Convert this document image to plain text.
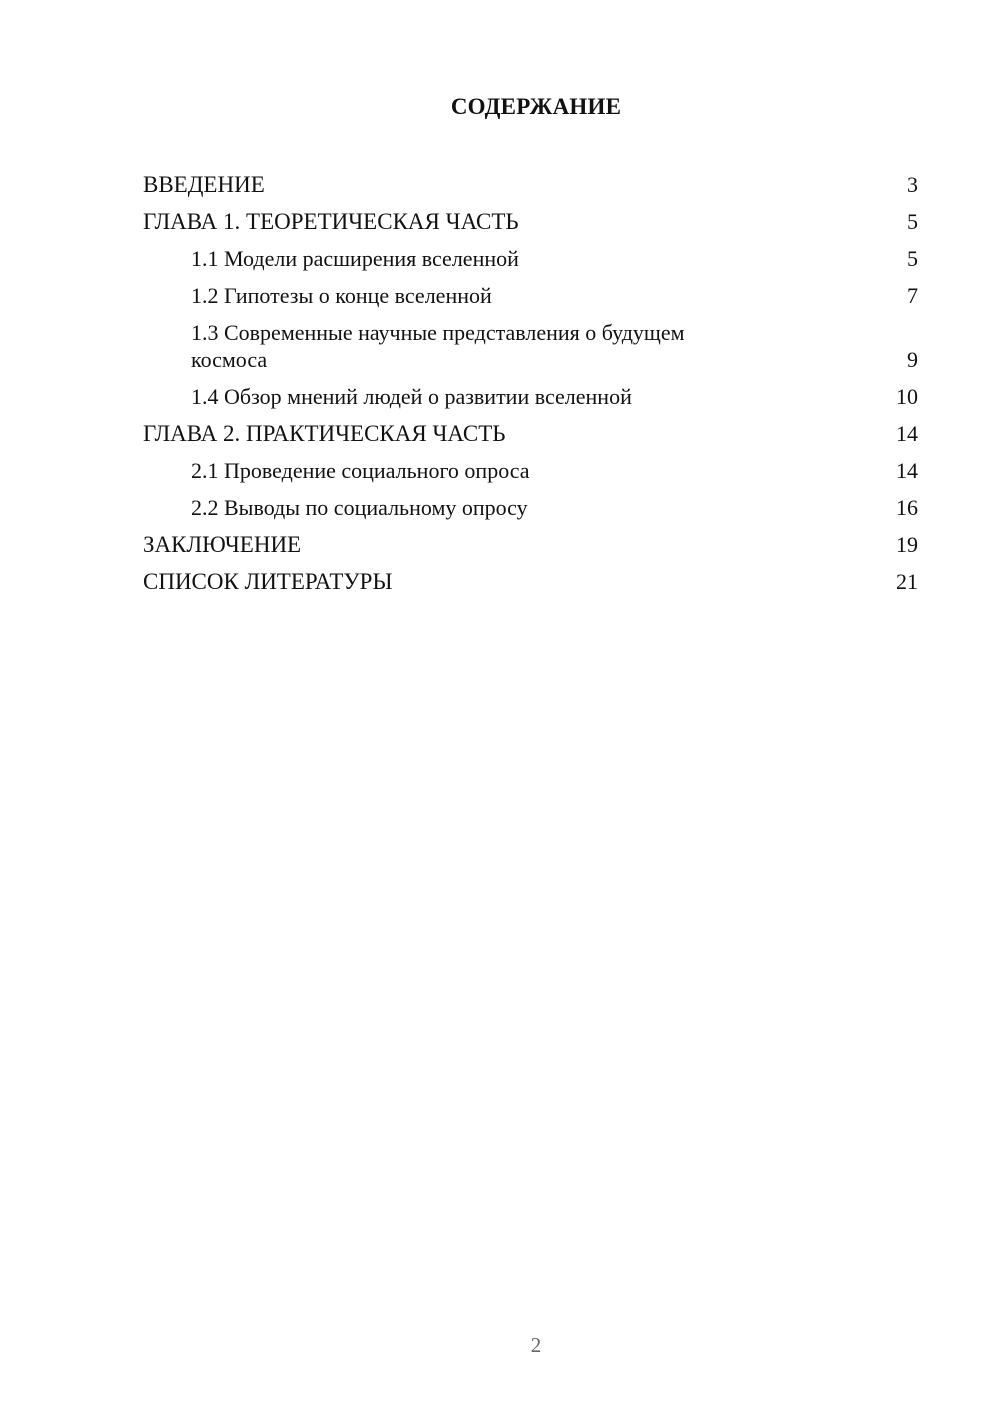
СОДЕРЖАНИЕ
ВВЕДЕНИЕ	3
ГЛАВА 1. ТЕОРЕТИЧЕСКАЯ ЧАСТЬ	5
1.1 Модели расширения вселенной	5
1.2 Гипотезы о конце вселенной	7
1.3 Современные научные представления о будущем космоса	9
1.4 Обзор мнений людей о развитии вселенной	10
ГЛАВА 2. ПРАКТИЧЕСКАЯ ЧАСТЬ	14
2.1 Проведение социального опроса	14
2.2 Выводы по социальному опросу	16
ЗАКЛЮЧЕНИЕ	19
СПИСОК ЛИТЕРАТУРЫ	21
2
